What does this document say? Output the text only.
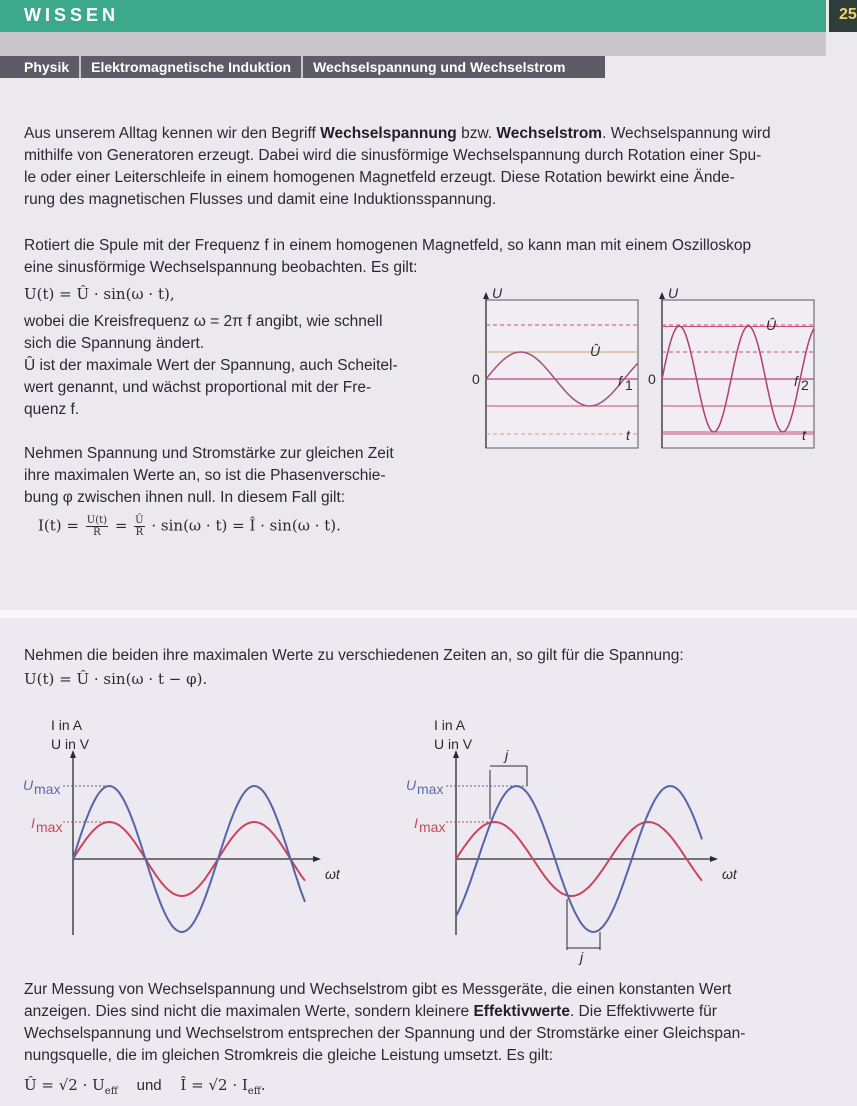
WISSEN	25
Physik	Elektromagnetische Induktion	Wechselspannung und Wechselstrom
Aus unserem Alltag kennen wir den Begriff Wechselspannung bzw. Wechselstrom. Wechselspannung wird
mithilfe von Generatoren erzeugt. Dabei wird die sinusförmige Wechselspannung durch Rotation einer Spu-
le oder einer Leiterschleife in einem homogenen Magnetfeld erzeugt. Diese Rotation bewirkt eine Ände-
rung des magnetischen Flusses und damit eine Induktionsspannung.
Rotiert die Spule mit der Frequenz f in einem homogenen Magnetfeld, so kann man mit einem Oszilloskop
eine sinusförmige Wechselspannung beobachten. Es gilt:
U(t) = Û · sin(ω · t),
wobei die Kreisfrequenz ω = 2π f angibt, wie schnell
sich die Spannung ändert.
Û ist der maximale Wert der Spannung, auch Scheitel-
wert genannt, und wächst proportional mit der Fre-
quenz f.
Nehmen Spannung und Stromstärke zur gleichen Zeit
ihre maximalen Werte an, so ist die Phasenverschie-
bung φ zwischen ihnen null. In diesem Fall gilt:
$I(t) = \frac{U(t)}{R} = \frac{Û}{R} \cdot \sin(\omega \cdot t)$ = Î · sin(ω · t).
U
t
0
Û
f 1
U
t
0
Û
f 2
Nehmen die beiden ihre maximalen Werte zu verschiedenen Zeiten an, so gilt für die Spannung:
U(t) = Û · sin(ω · t − φ).
I in A
U in V
ωt
U max
I max
I in A
U in V
ωt
U max
I max
j
j
Zur Messung von Wechselspannung und Wechselstrom gibt es Messgeräte, die einen konstanten Wert
anzeigen. Dies sind nicht die maximalen Werte, sondern kleinere Effektivwerte. Die Effektivwerte für
Wechselspannung und Wechselstrom entsprechen der Spannung und der Stromstärke einer Gleichspan-
nungsquelle, die im gleichen Stromkreis die gleiche Leistung umsetzt. Es gilt:
Û = $√2 \cdot U_{eff}$ und Î = $√2 \cdot I_{eff}$.
